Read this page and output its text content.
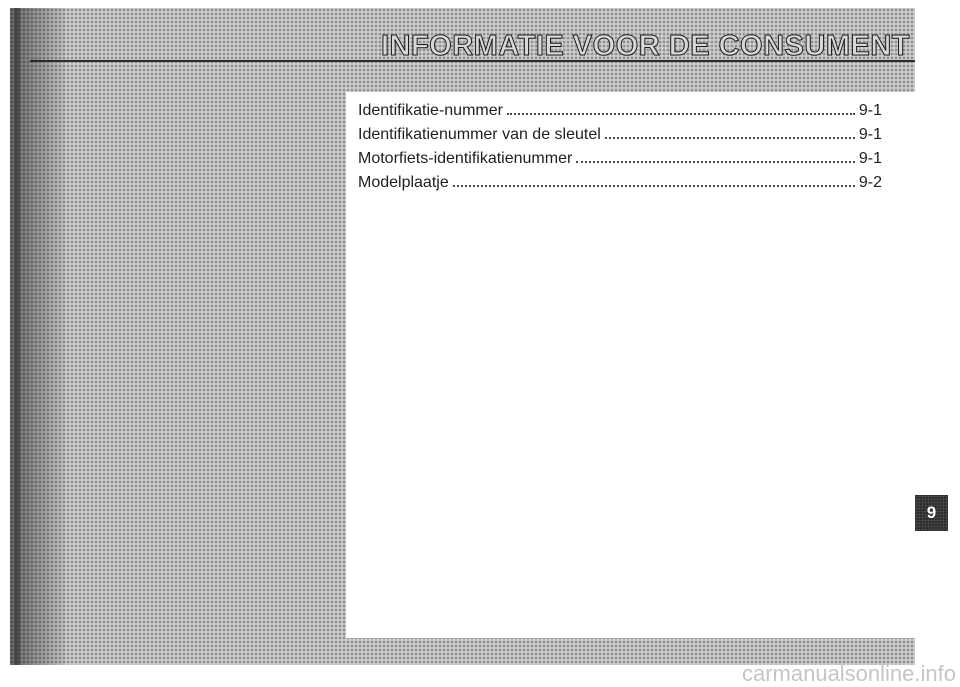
INFORMATIE VOOR DE CONSUMENT
Identifikatie-nummer	9-1
Identifikatienummer van de sleutel	9-1
Motorfiets-identifikatienummer	9-1
Modelplaatje	9-2
9
carmanualsonline.info
